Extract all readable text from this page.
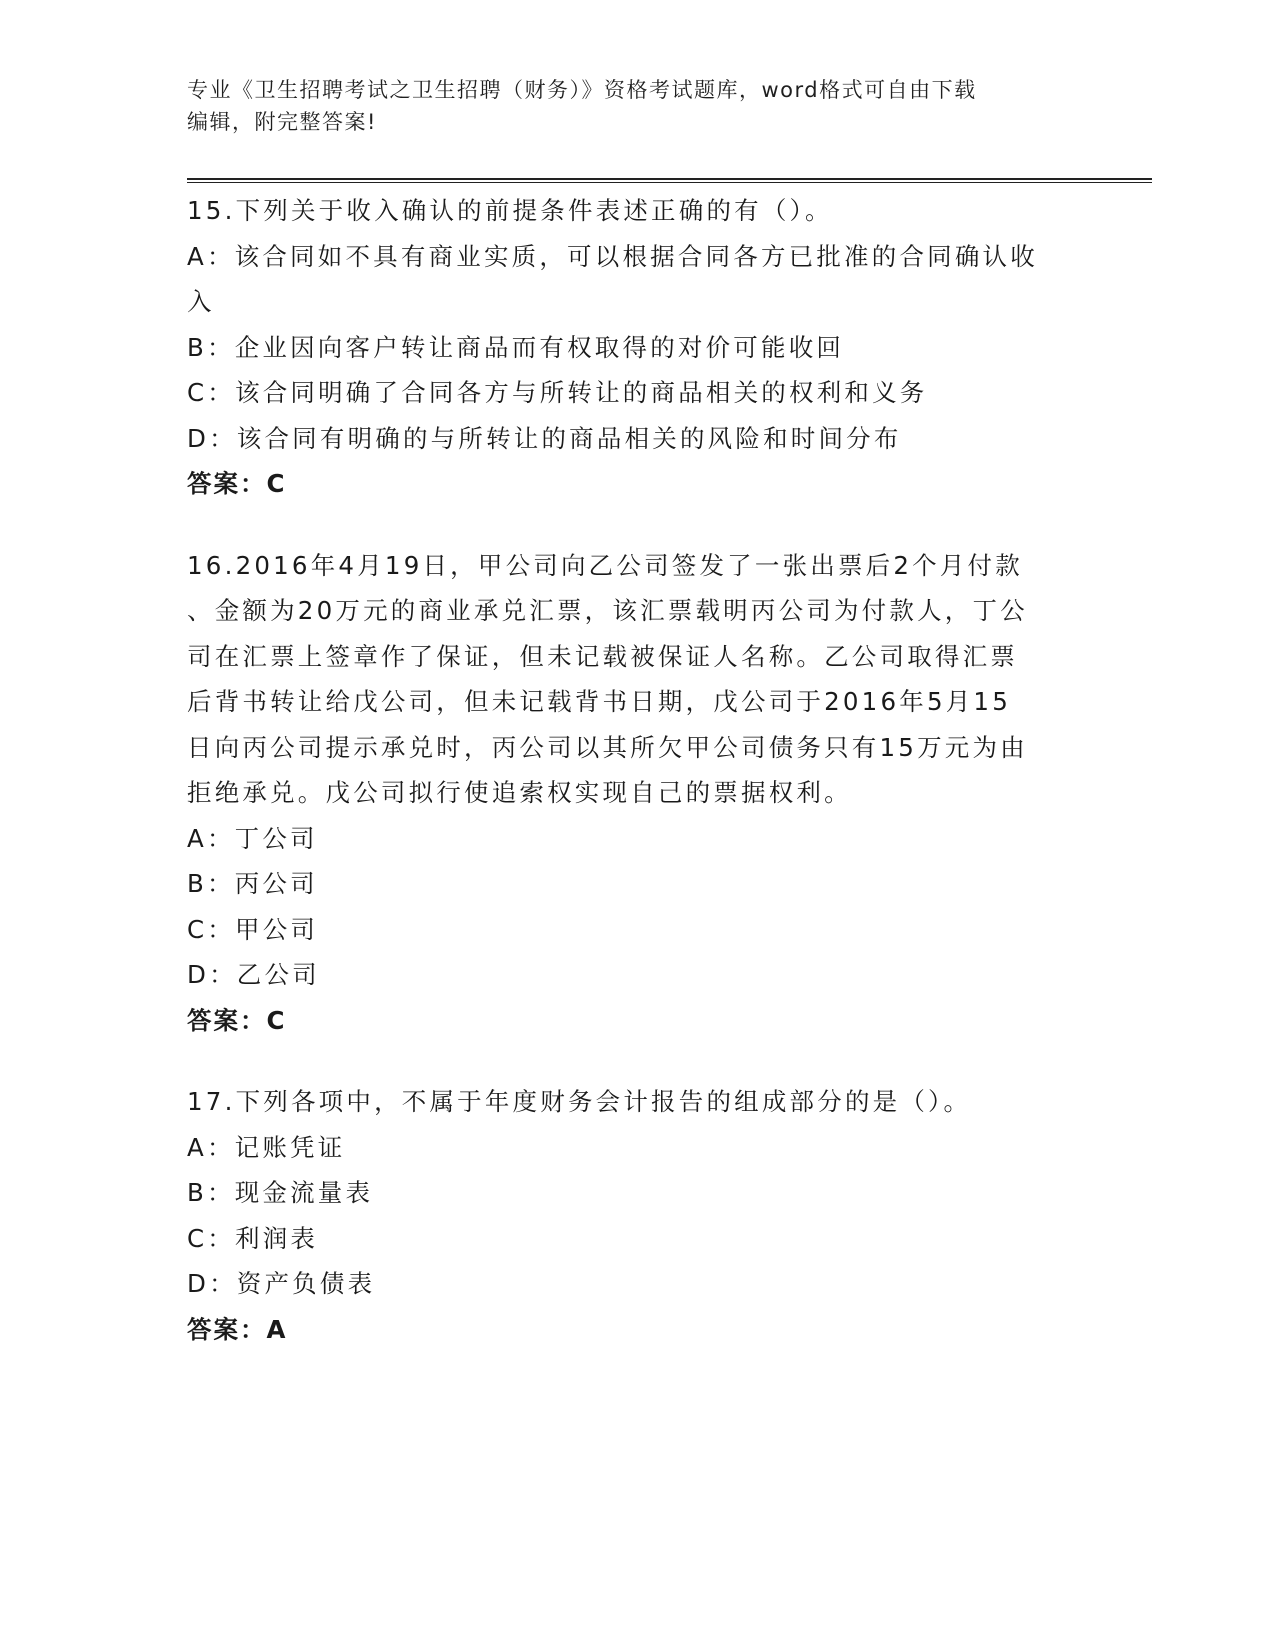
专业《卫生招聘考试之卫生招聘（财务）》资格考试题库，word格式可自由下载
编辑，附完整答案!
15.下列关于收入确认的前提条件表述正确的有（）。
A：该合同如不具有商业实质，可以根据合同各方已批准的合同确认收
入
B：企业因向客户转让商品而有权取得的对价可能收回
C：该合同明确了合同各方与所转让的商品相关的权利和义务
D：该合同有明确的与所转让的商品相关的风险和时间分布
答案：C
16.2016年4月19日，甲公司向乙公司签发了一张出票后2个月付款
、金额为20万元的商业承兑汇票，该汇票载明丙公司为付款人，丁公
司在汇票上签章作了保证，但未记载被保证人名称。乙公司取得汇票
后背书转让给戊公司，但未记载背书日期，戊公司于2016年5月15
日向丙公司提示承兑时，丙公司以其所欠甲公司债务只有15万元为由
拒绝承兑。戊公司拟行使追索权实现自己的票据权利。
A：丁公司
B：丙公司
C：甲公司
D：乙公司
答案：C
17.下列各项中，不属于年度财务会计报告的组成部分的是（）。
A：记账凭证
B：现金流量表
C：利润表
D：资产负债表
答案：A
